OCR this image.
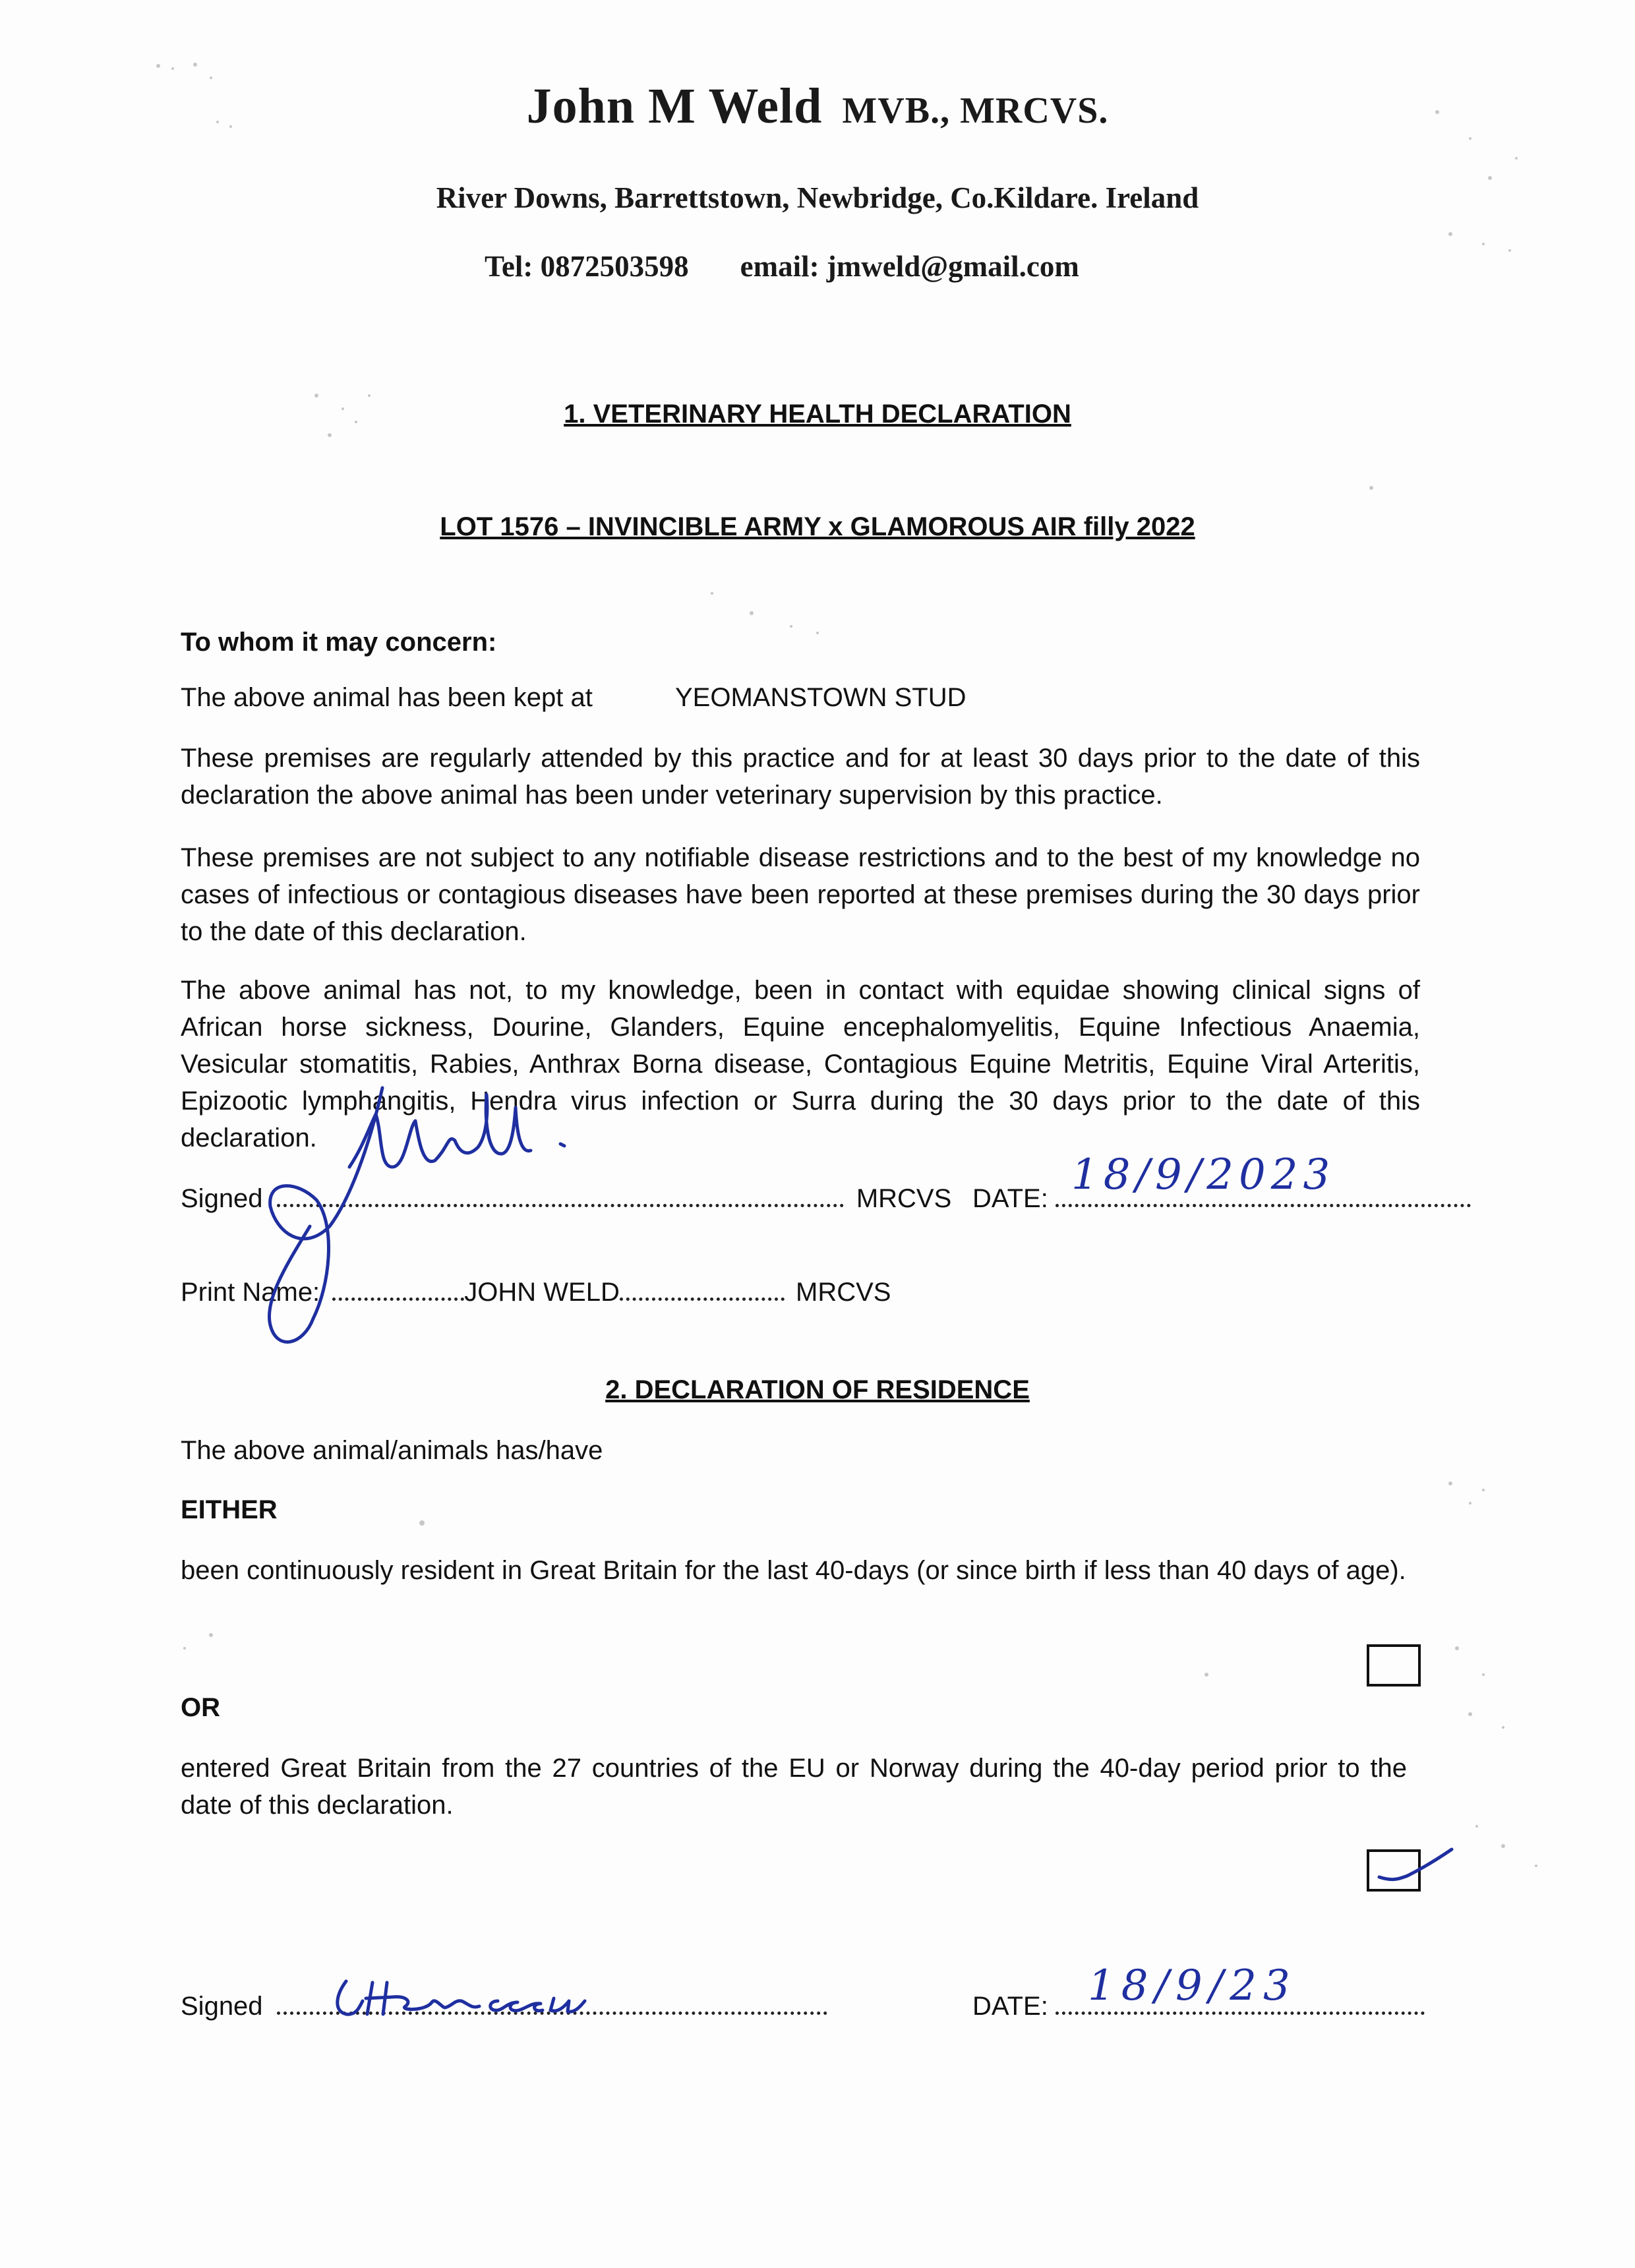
John M Weld MVB., MRCVS.
River Downs, Barrettstown, Newbridge, Co.Kildare. Ireland
Tel: 0872503598 email: jmweld@gmail.com
1. VETERINARY HEALTH DECLARATION
LOT 1576 – INVINCIBLE ARMY x GLAMOROUS AIR filly 2022
To whom it may concern:
The above animal has been kept at	YEOMANSTOWN STUD
These premises are regularly attended by this practice and for at least 30 days prior to the date of this declaration the above animal has been under veterinary supervision by this practice.
These premises are not subject to any notifiable disease restrictions and to the best of my knowledge no cases of infectious or contagious diseases have been reported at these premises during the 30 days prior to the date of this declaration.
The above animal has not, to my knowledge, been in contact with equidae showing clinical signs of African horse sickness, Dourine, Glanders, Equine encephalomyelitis, Equine Infectious Anaemia, Vesicular stomatitis, Rabies, Anthrax Borna disease, Contagious Equine Metritis, Equine Viral Arteritis, Epizootic lymphangitis, Hendra virus infection or Surra during the 30 days prior to the date of this declaration.
Signed	MRCVS DATE: 18/9/2023
Print Name:	JOHN WELD	MRCVS
2. DECLARATION OF RESIDENCE
The above animal/animals has/have
EITHER
been continuously resident in Great Britain for the last 40-days (or since birth if less than 40 days of age).
OR
entered Great Britain from the 27 countries of the EU or Norway during the 40-day period prior to the date of this declaration.
Signed	DATE: 18/9/23
